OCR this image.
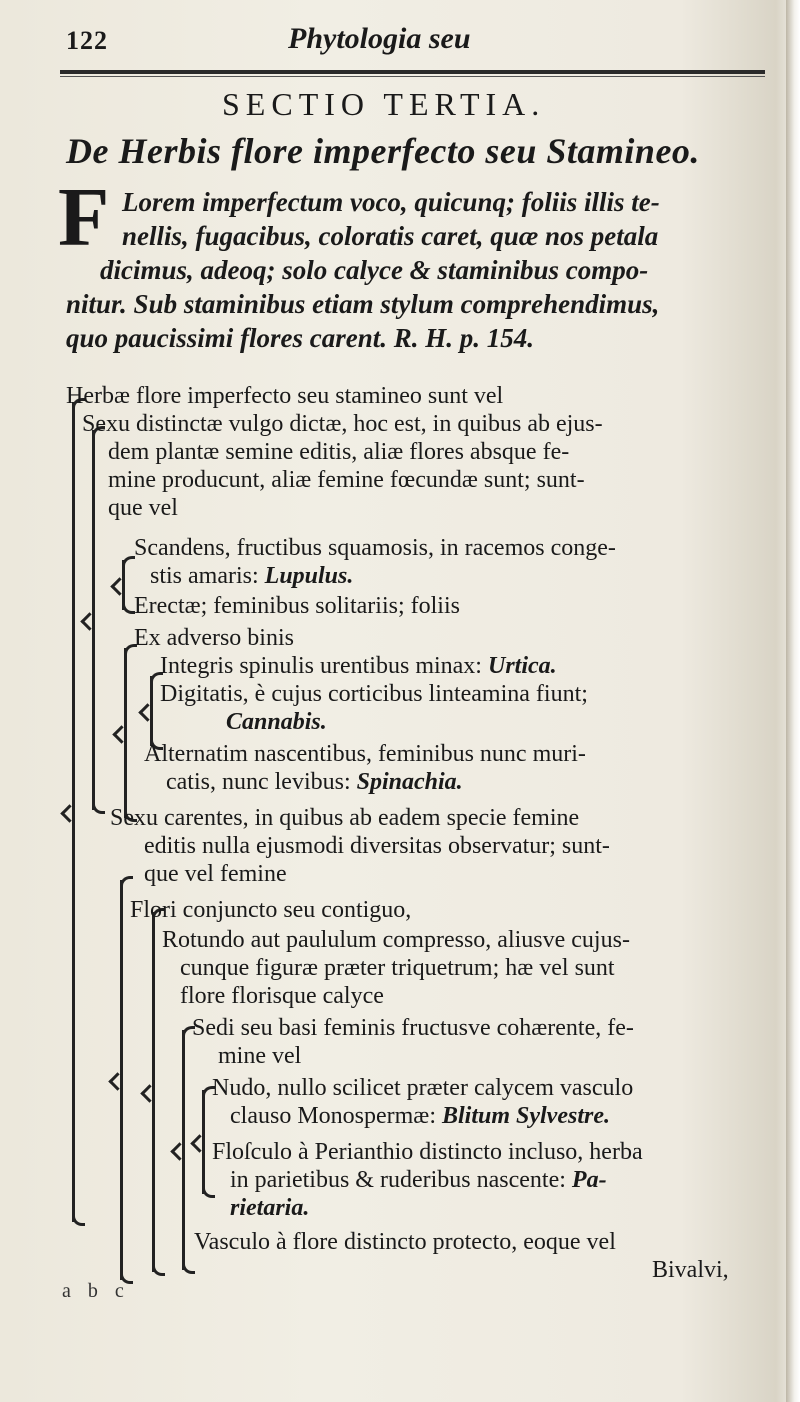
122	Phytologia seu
SECTIO TERTIA.
De Herbis flore imperfecto seu Stamineo.
F Lorem imperfectum voco, quicunq; foliis illis te-
nellis, fugacibus, coloratis caret, quæ nos petala
dicimus, adeoq; solo calyce & staminibus compo-
nitur. Sub staminibus etiam stylum comprehendimus,
quo paucissimi flores carent. R. H. p. 154.
Herbæ flore imperfecto seu stamineo sunt vel
Sexu distinctæ vulgo dictæ, hoc est, in quibus ab ejus-
dem plantæ semine editis, aliæ flores absque fe-
mine producunt, aliæ femine fœcundæ sunt; sunt-
que vel
Scandens, fructibus squamosis, in racemos conge-
stis amaris: Lupulus.
Erectæ; feminibus solitariis; foliis
Ex adverso binis
Integris spinulis urentibus minax: Urtica.
Digitatis, è cujus corticibus linteamina fiunt;
Cannabis.
Alternatim nascentibus, feminibus nunc muri-
catis, nunc levibus: Spinachia.
Sexu carentes, in quibus ab eadem specie femine
editis nulla ejusmodi diversitas observatur; sunt-
que vel femine
Flori conjuncto seu contiguo,
Rotundo aut paululum compresso, aliusve cujus-
cunque figuræ præter triquetrum; hæ vel sunt
flore florisque calyce
Sedi seu basi feminis fructusve cohærente, fe-
mine vel
Nudo, nullo scilicet præter calycem vasculo
clauso Monospermæ: Blitum Sylvestre.
Floſculo à Perianthio distincto incluso, herba
in parietibus & ruderibus nascente: Pa-
rietaria.
Vasculo à flore distincto protecto, eoque vel
Bivalvi,
a b c
